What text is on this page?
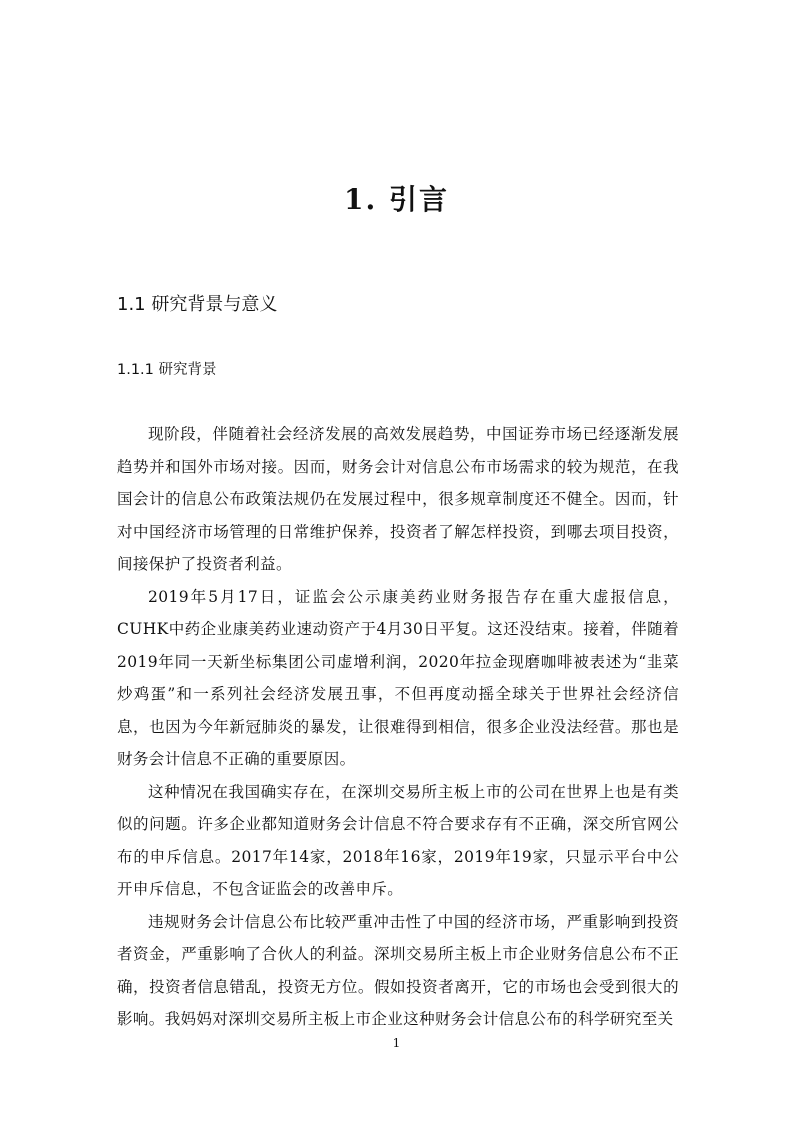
1. 引言
1.1 研究背景与意义
1.1.1 研究背景

现阶段，伴随着社会经济发展的高效发展趋势，中国证券市场已经逐渐发展趋势并和国外市场对接。因而，财务会计对信息公布市场需求的较为规范，在我国会计的信息公布政策法规仍在发展过程中，很多规章制度还不健全。因而，针对中国经济市场管理的日常维护保养，投资者了解怎样投资，到哪去项目投资，间接保护了投资者利益。

2019年5月17日，证监会公示康美药业财务报告存在重大虚报信息，CUHK中药企业康美药业速动资产于4月30日平复。这还没结束。接着，伴随着2019年同一天新坐标集团公司虚增利润，2020年拉金现磨咖啡被表述为“韭菜炒鸡蛋”和一系列社会经济发展丑事，不但再度动摇全球关于世界社会经济信息，也因为今年新冠肺炎的暴发，让很难得到相信，很多企业没法经营。那也是财务会计信息不正确的重要原因。

这种情况在我国确实存在，在深圳交易所主板上市的公司在世界上也是有类似的问题。许多企业都知道财务会计信息不符合要求存有不正确，深交所官网公布的申斥信息。2017年14家，2018年16家，2019年19家，只显示平台中公开申斥信息，不包含证监会的改善申斥。

违规财务会计信息公布比较严重冲击性了中国的经济市场，严重影响到投资者资金，严重影响了合伙人的利益。深圳交易所主板上市企业财务信息公布不正确，投资者信息错乱，投资无方位。假如投资者离开，它的市场也会受到很大的影响。我妈妈对深圳交易所主板上市企业这种财务会计信息公布的科学研究至关

1
